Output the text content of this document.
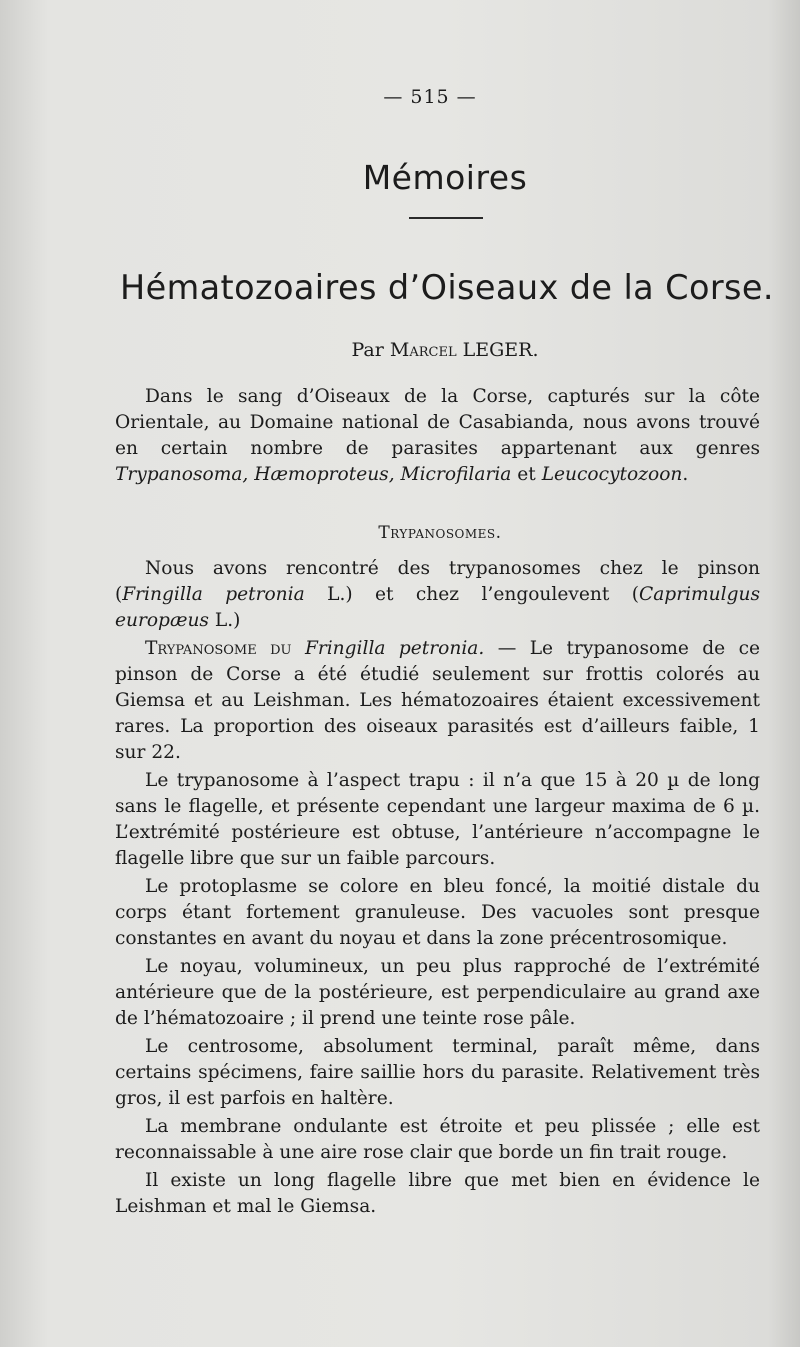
— 515 —
Mémoires
Hématozoaires d’Oiseaux de la Corse.
Par Marcel LEGER.

Dans le sang d’Oiseaux de la Corse, capturés sur la côte Orientale, au Domaine national de Casabianda, nous avons trouvé en certain nombre de parasites appartenant aux genres Trypanosoma, Hæmoproteus, Microfilaria et Leucocytozoon.

Trypanosomes.

Nous avons rencontré des trypanosomes chez le pinson (Fringilla petronia L.) et chez l’engoulevent (Caprimulgus europæus L.)

Trypanosome du Fringilla petronia. — Le trypanosome de ce pinson de Corse a été étudié seulement sur frottis colorés au Giemsa et au Leishman. Les hématozoaires étaient excessivement rares. La proportion des oiseaux parasités est d’ailleurs faible, 1 sur 22.

Le trypanosome à l’aspect trapu : il n’a que 15 à 20 µ de long sans le flagelle, et présente cependant une largeur maxima de 6 µ. L’extrémité postérieure est obtuse, l’antérieure n’accompagne le flagelle libre que sur un faible parcours.

Le protoplasme se colore en bleu foncé, la moitié distale du corps étant fortement granuleuse. Des vacuoles sont presque constantes en avant du noyau et dans la zone précentrosomique.

Le noyau, volumineux, un peu plus rapproché de l’extrémité antérieure que de la postérieure, est perpendiculaire au grand axe de l’hématozoaire ; il prend une teinte rose pâle.

Le centrosome, absolument terminal, paraît même, dans certains spécimens, faire saillie hors du parasite. Relativement très gros, il est parfois en haltère.

La membrane ondulante est étroite et peu plissée ; elle est reconnaissable à une aire rose clair que borde un fin trait rouge.

Il existe un long flagelle libre que met bien en évidence le Leishman et mal le Giemsa.
